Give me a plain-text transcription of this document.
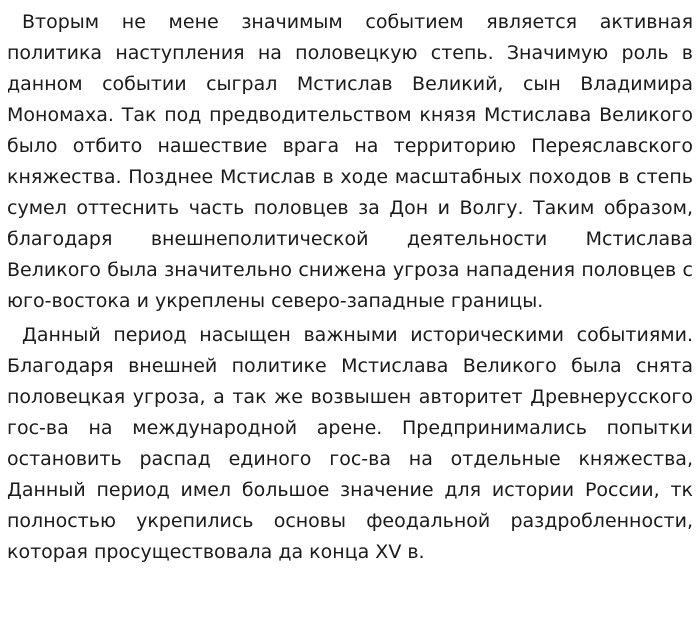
Вторым не мене значимым событием является активная политика наступления на половецкую степь. Значимую роль в данном событии сыграл Мстислав Великий, сын Владимира Мономаха. Так под предводительством князя Мстислава Великого было отбито нашествие врага на территорию Переяславского княжества. Позднее Мстислав в ходе масштабных походов в степь сумел оттеснить часть половцев за Дон и Волгу. Таким образом, благодаря внешнеполитической деятельности Мстислава Великого была значительно снижена угроза нападения половцев с юго-востока и укреплены северо-западные границы.

Данный период насыщен важными историческими событиями. Благодаря внешней политике Мстислава Великого была снята половецкая угроза, а так же возвышен авторитет Древнерусского гос-ва на международной арене. Предпринимались попытки остановить распад единого гос-ва на отдельные княжества, Данный период имел большое значение для истории России, тк полностью укрепились основы феодальной раздробленности, которая просуществовала да конца XV в.
